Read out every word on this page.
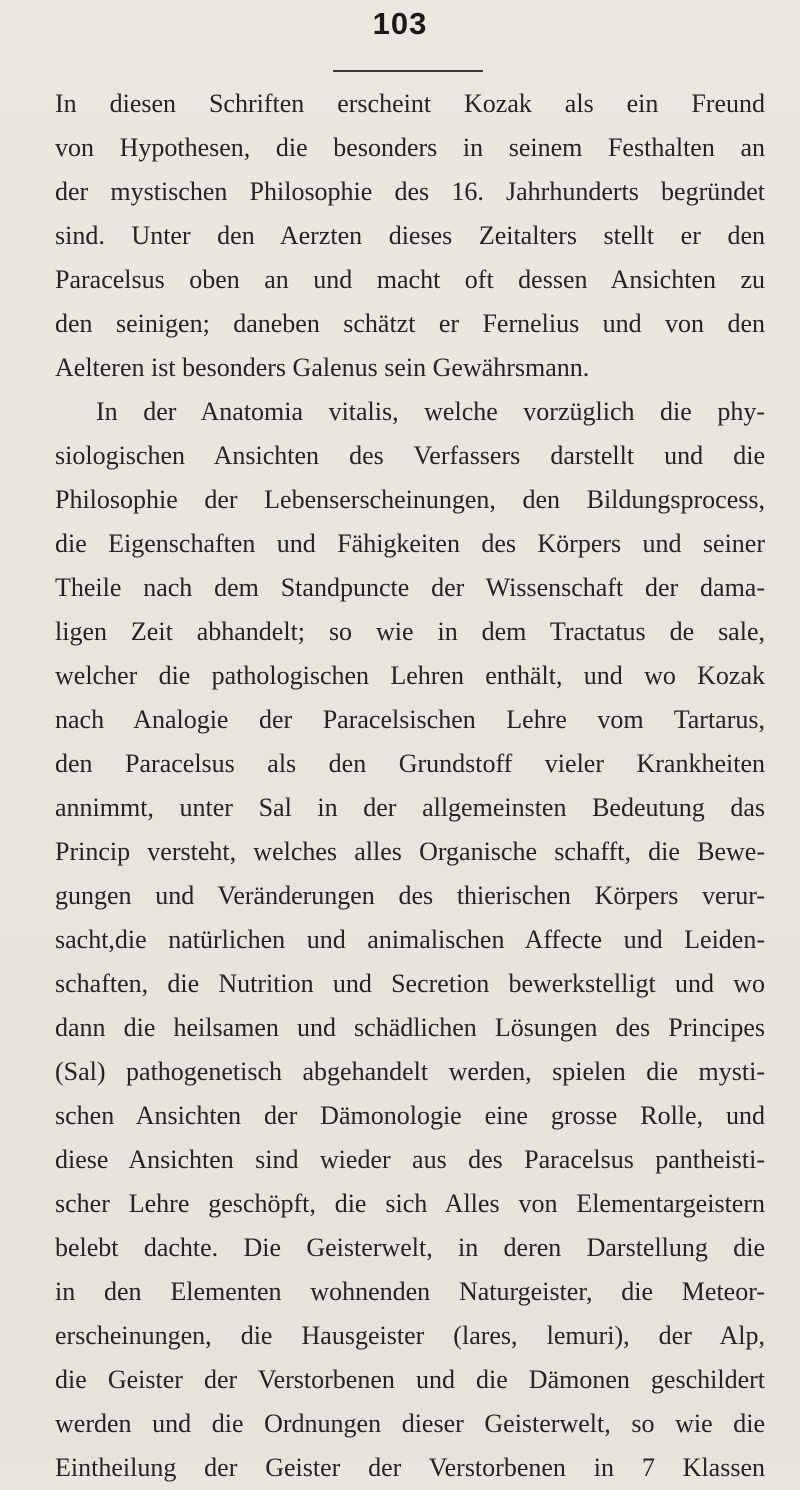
103
In diesen Schriften erscheint Kozak als ein Freund
von Hypothesen, die besonders in seinem Festhalten an
der mystischen Philosophie des 16. Jahrhunderts begründet
sind. Unter den Aerzten dieses Zeitalters stellt er den
Paracelsus oben an und macht oft dessen Ansichten zu
den seinigen; daneben schätzt er Fernelius und von den
Aelteren ist besonders Galenus sein Gewährsmann.
In der Anatomia vitalis, welche vorzüglich die phy-
siologischen Ansichten des Verfassers darstellt und die
Philosophie der Lebenserscheinungen, den Bildungsprocess,
die Eigenschaften und Fähigkeiten des Körpers und seiner
Theile nach dem Standpuncte der Wissenschaft der dama-
ligen Zeit abhandelt; so wie in dem Tractatus de sale,
welcher die pathologischen Lehren enthält, und wo Kozak
nach Analogie der Paracelsischen Lehre vom Tartarus,
den Paracelsus als den Grundstoff vieler Krankheiten
annimmt, unter Sal in der allgemeinsten Bedeutung das
Princip versteht, welches alles Organische schafft, die Bewe-
gungen und Veränderungen des thierischen Körpers verur-
sacht,die natürlichen und animalischen Affecte und Leiden-
schaften, die Nutrition und Secretion bewerkstelligt und wo
dann die heilsamen und schädlichen Lösungen des Principes
(Sal) pathogenetisch abgehandelt werden, spielen die mysti-
schen Ansichten der Dämonologie eine grosse Rolle, und
diese Ansichten sind wieder aus des Paracelsus pantheisti-
scher Lehre geschöpft, die sich Alles von Elementargeistern
belebt dachte. Die Geisterwelt, in deren Darstellung die
in den Elementen wohnenden Naturgeister, die Meteor-
erscheinungen, die Hausgeister (lares, lemuri), der Alp,
die Geister der Verstorbenen und die Dämonen geschildert
werden und die Ordnungen dieser Geisterwelt, so wie die
Eintheilung der Geister der Verstorbenen in 7 Klassen
